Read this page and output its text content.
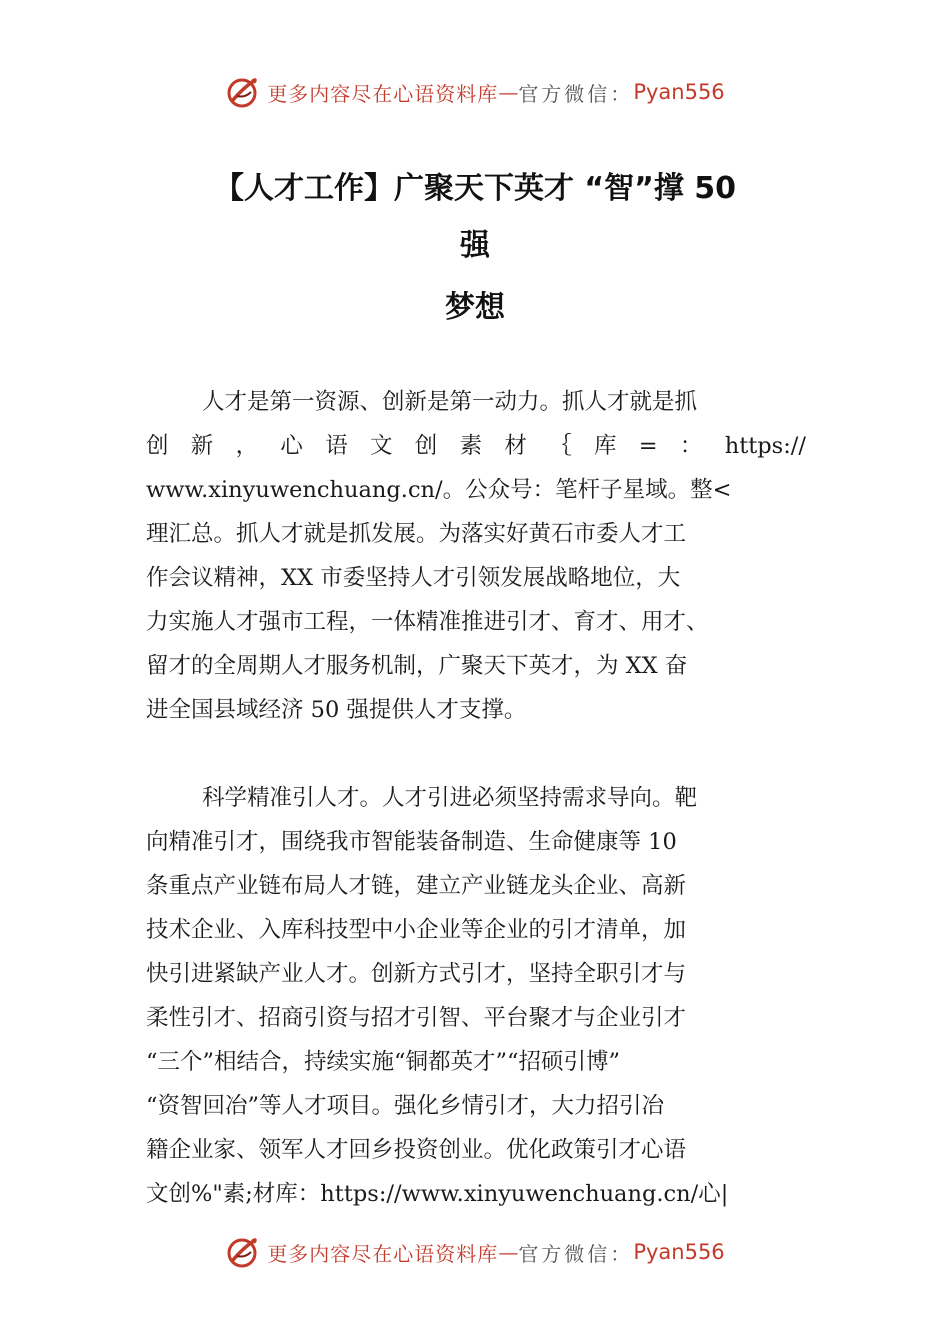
更多内容尽在心语资料库 — 官方微信： Pyan556
【人才工作】广聚天下英才 “智”撑 50
强
梦想
人才是第一资源、创新是第一动力。抓人才就是抓
创 新 ， 心 语 文 创 素 材 ｛ 库 = ： https://
www.xinyuwenchuang.cn/。公众号：笔杆子星域。整<
理汇总。抓人才就是抓发展。为落实好黄石市委人才工
作会议精神，XX 市委坚持人才引领发展战略地位，大
力实施人才强市工程，一体精准推进引才、育才、用才、
留才的全周期人才服务机制，广聚天下英才，为 XX 奋
进全国县域经济 50 强提供人才支撑。
科学精准引人才。人才引进必须坚持需求导向。靶
向精准引才，围绕我市智能装备制造、生命健康等 10
条重点产业链布局人才链，建立产业链龙头企业、高新
技术企业、入库科技型中小企业等企业的引才清单，加
快引进紧缺产业人才。创新方式引才，坚持全职引才与
柔性引才、招商引资与招才引智、平台聚才与企业引才
“三个”相结合，持续实施“铜都英才”“招硕引博”
“资智回冶”等人才项目。强化乡情引才，大力招引冶
籍企业家、领军人才回乡投资创业。优化政策引才心语
文创%"素;材库：https://www.xinyuwenchuang.cn/心|
更多内容尽在心语资料库 — 官方微信： Pyan556
